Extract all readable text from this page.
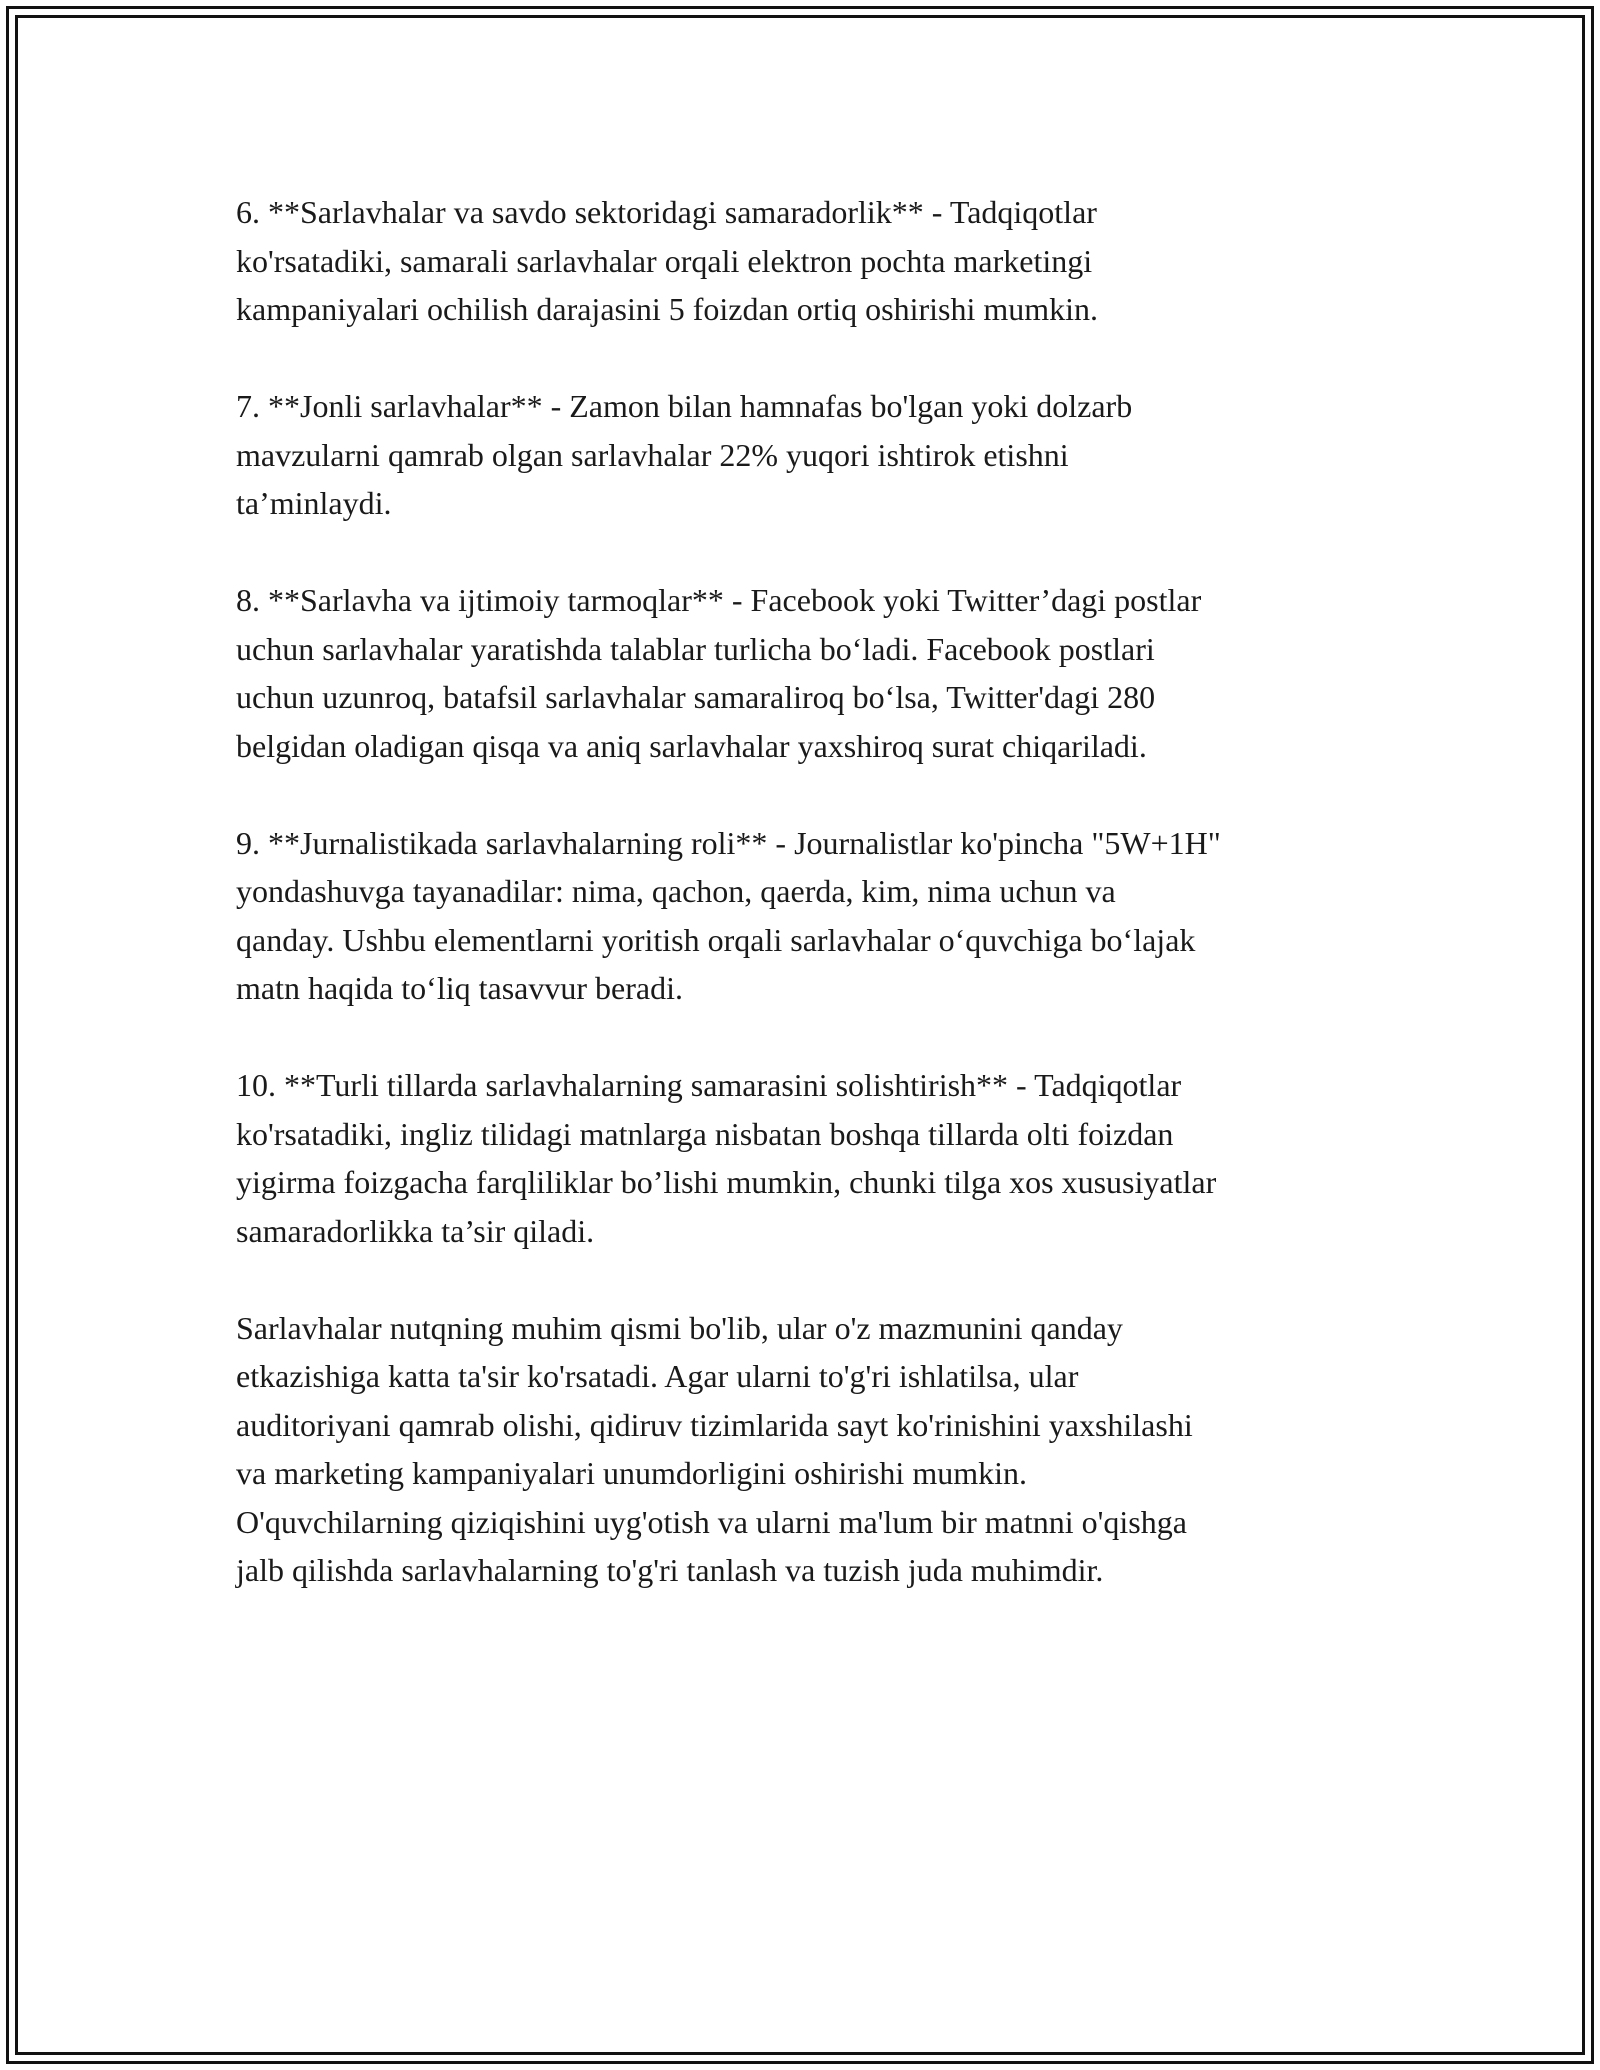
6. **Sarlavhalar va savdo sektoridagi samaradorlik** - Tadqiqotlar
ko'rsatadiki, samarali sarlavhalar orqali elektron pochta marketingi
kampaniyalari ochilish darajasini 5 foizdan ortiq oshirishi mumkin.

7. **Jonli sarlavhalar** - Zamon bilan hamnafas bo'lgan yoki dolzarb
mavzularni qamrab olgan sarlavhalar 22% yuqori ishtirok etishni
ta’minlaydi.

8. **Sarlavha va ijtimoiy tarmoqlar** - Facebook yoki Twitter’dagi postlar
uchun sarlavhalar yaratishda talablar turlicha bo‘ladi. Facebook postlari
uchun uzunroq, batafsil sarlavhalar samaraliroq bo‘lsa, Twitter'dagi 280
belgidan oladigan qisqa va aniq sarlavhalar yaxshiroq surat chiqariladi.

9. **Jurnalistikada sarlavhalarning roli** - Journalistlar ko'pincha "5W+1H"
yondashuvga tayanadilar: nima, qachon, qaerda, kim, nima uchun va
qanday. Ushbu elementlarni yoritish orqali sarlavhalar o‘quvchiga bo‘lajak
matn haqida to‘liq tasavvur beradi.

10. **Turli tillarda sarlavhalarning samarasini solishtirish** - Tadqiqotlar
ko'rsatadiki, ingliz tilidagi matnlarga nisbatan boshqa tillarda olti foizdan
yigirma foizgacha farqliliklar bo’lishi mumkin, chunki tilga xos xususiyatlar
samaradorlikka ta’sir qiladi.

Sarlavhalar nutqning muhim qismi bo'lib, ular o'z mazmunini qanday
etkazishiga katta ta'sir ko'rsatadi. Agar ularni to'g'ri ishlatilsa, ular
auditoriyani qamrab olishi, qidiruv tizimlarida sayt ko'rinishini yaxshilashi
va marketing kampaniyalari unumdorligini oshirishi mumkin.
O'quvchilarning qiziqishini uyg'otish va ularni ma'lum bir matnni o'qishga
jalb qilishda sarlavhalarning to'g'ri tanlash va tuzish juda muhimdir.
